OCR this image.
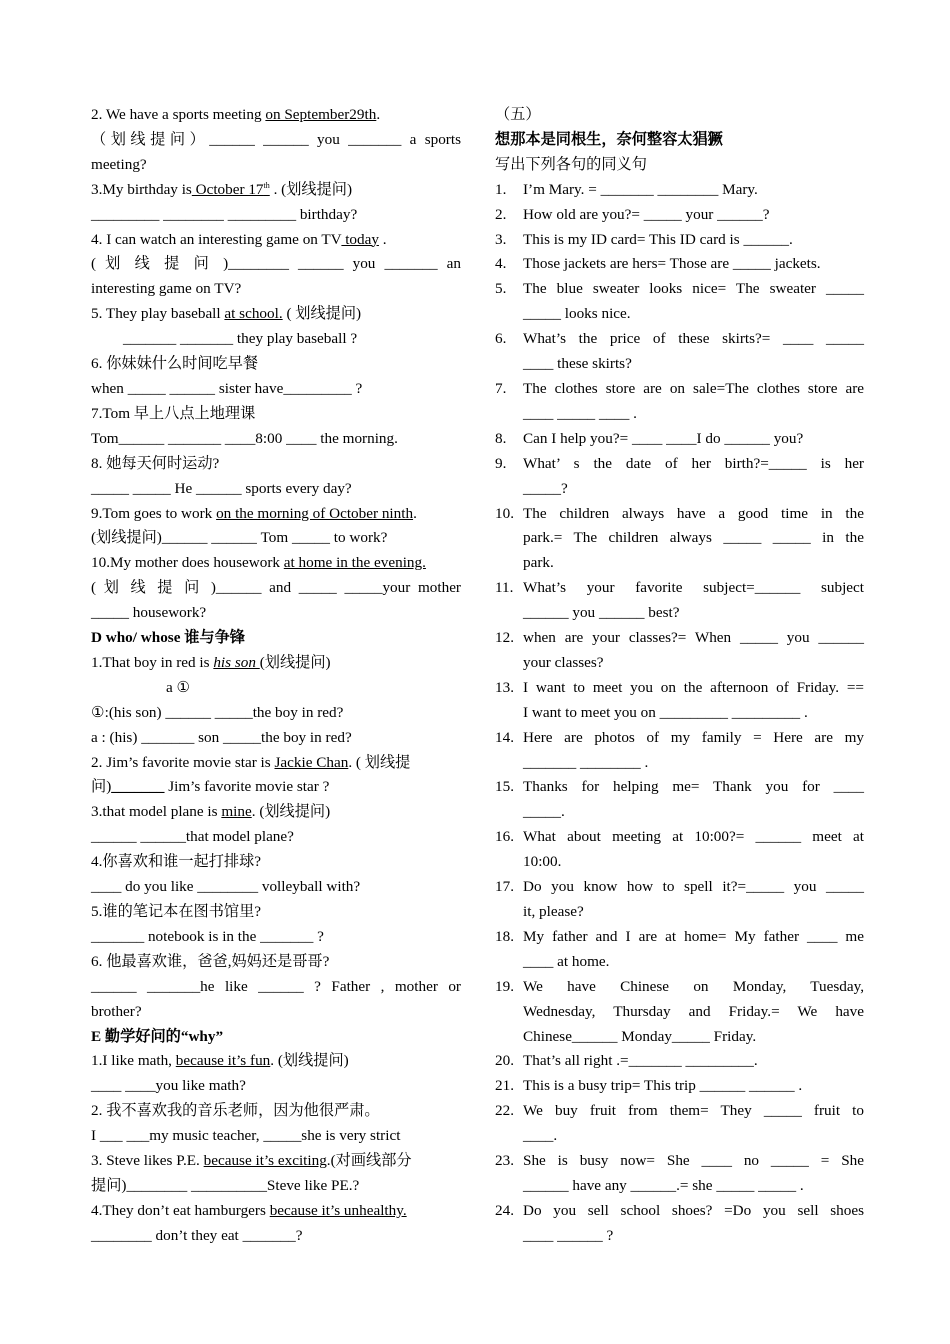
2. We have a sports meeting on September29th.
（划线提问）______ ______ you _______ a sports
meeting?
3.My birthday is October 17th . (划线提问)
_________ ________ _________ birthday?
4. I can watch an interesting game on TV today .
( 划 线 提 问 )________ ______ you _______ an
interesting game on TV?
5. They play baseball at school. ( 划线提问)
_______ _______ they play baseball ?
6. 你妹妹什么时间吃早餐
when _____ ______ sister have_________ ?
7.Tom 早上八点上地理课
Tom______ _______ ____8:00 ____ the morning.
8. 她每天何时运动?
_____ _____ He ______ sports every day?
9.Tom goes to work on the morning of October ninth.
(划线提问)______ ______ Tom _____ to work?
10.My mother does housework at home in the evening.
( 划 线 提 问 )______ and _____ _____your mother
_____ housework?
D who/ whose 谁与争锋
1.That boy in red is his son (划线提问)
a ①
①:(his son) ______ _____the boy in red?
a : (his) _______ son _____the boy in red?
2. Jim’s favorite movie star is Jackie Chan. ( 划线提
问)_______ Jim’s favorite movie star ?
3.that model plane is mine. (划线提问)
______ ______that model plane?
4.你喜欢和谁一起打排球?
____ do you like ________ volleyball with?
5.谁的笔记本在图书馆里?
_______ notebook is in the _______ ?
6. 他最喜欢谁，爸爸,妈妈还是哥哥?
______ _______he like ______ ? Father , mother or
brother?
E 勤学好问的“why”
1.I like math, because it’s fun. (划线提问)
____ ____you like math?
2. 我不喜欢我的音乐老师，因为他很严肃。
I ___ ___my music teacher, _____she is very strict
3. Steve likes P.E. because it’s exciting.(对画线部分
提问)________ __________Steve like PE.?
4.They don’t eat hamburgers because it’s unhealthy.
________ don’t they eat _______?
（五）
想那本是同根生，奈何整容太猖獗
写出下列各句的同义句
1.	I’m Mary. = _______ ________ Mary.
2.	How old are you?= _____ your ______?
3.	This is my ID card= This ID card is ______.
4.	Those jackets are hers= Those are _____ jackets.
5.	The blue sweater looks nice= The sweater _____
_____ looks nice.
6.	What’s the price of these skirts?= ____ _____
____ these skirts?
7.	The clothes store are on sale=The clothes store are
____ _____ ____ .
8.	Can I help you?= ____ ____I do ______ you?
9.	What’ s the date of her birth?=_____ is her
_____?
10. The children always have a good time in the
park.= The children always _____ _____ in the
park.
11. What’s your favorite subject=______ subject
______ you ______ best?
12. when are your classes?= When _____ you ______
your classes?
13. I want to meet you on the afternoon of Friday. ==
I want to meet you on _________ _________ .
14. Here are photos of my family = Here are my
_______ ________ .
15. Thanks for helping me= Thank you for ____
_____.
16. What about meeting at 10:00?= ______ meet at
10:00.
17. Do you know how to spell it?=_____ you _____
it, please?
18. My father and I are at home= My father ____ me
____ at home.
19. We have Chinese on Monday, Tuesday,
Wednesday, Thursday and Friday.= We have
Chinese______ Monday_____ Friday.
20. That’s all right .=_______ _________.
21. This is a busy trip= This trip ______ ______ .
22. We buy fruit from them= They _____ fruit to
____.
23. She is busy now= She ____ no _____ = She
______ have any ______.= she _____ _____ .
24. Do you sell school shoes? =Do you sell shoes
____ ______ ?
